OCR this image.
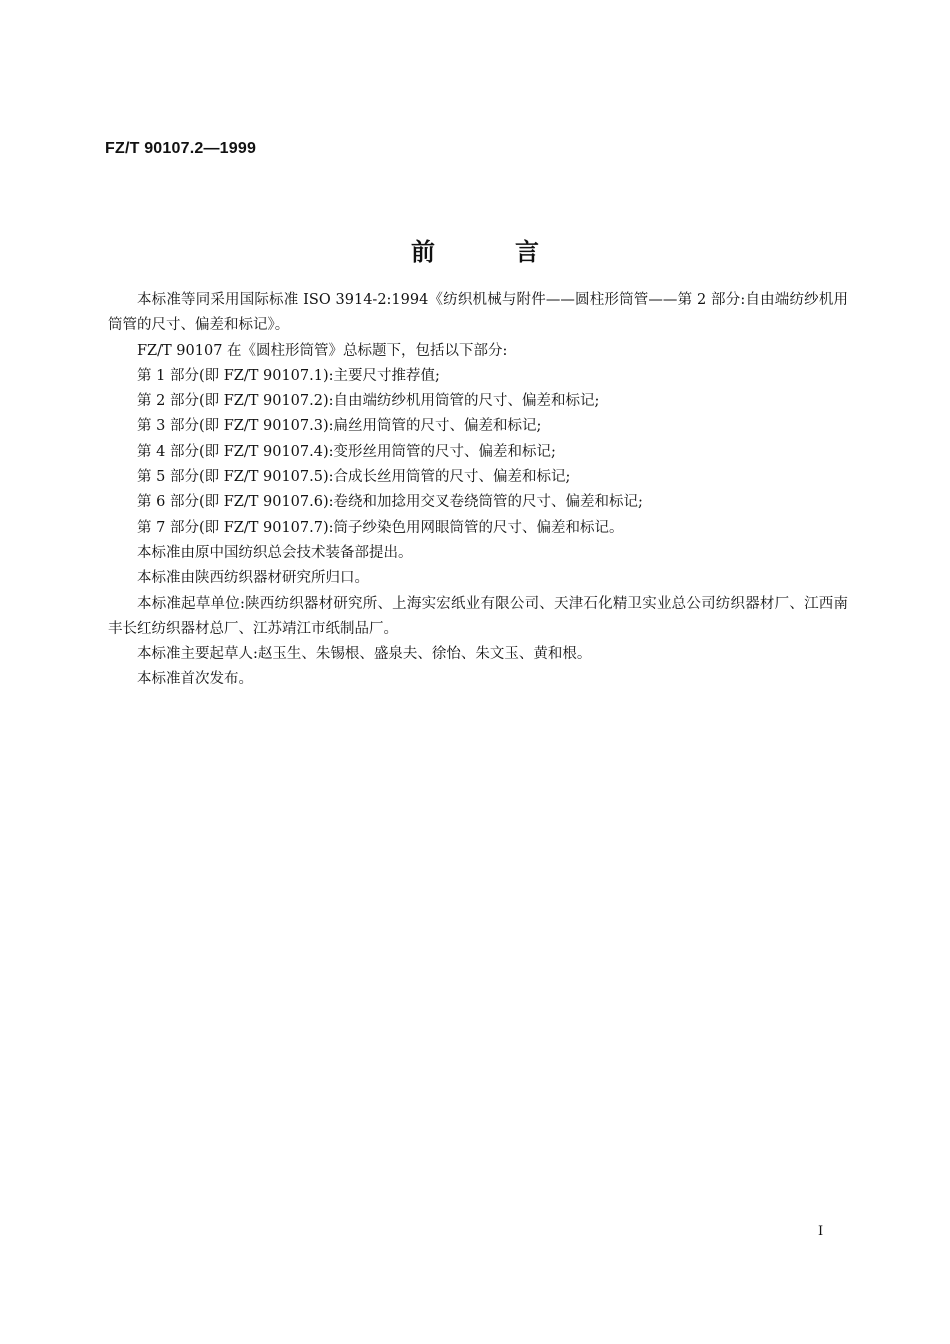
FZ/T 90107.2—1999
前	言

本标准等同采用国际标准 ISO 3914-2:1994《纺织机械与附件——圆柱形筒管——第 2 部分:自由端纺纱机用筒管的尺寸、偏差和标记》。

FZ/T 90107 在《圆柱形筒管》总标题下，包括以下部分:

第 1 部分(即 FZ/T 90107.1):主要尺寸推荐值;

第 2 部分(即 FZ/T 90107.2):自由端纺纱机用筒管的尺寸、偏差和标记;

第 3 部分(即 FZ/T 90107.3):扁丝用筒管的尺寸、偏差和标记;

第 4 部分(即 FZ/T 90107.4):变形丝用筒管的尺寸、偏差和标记;

第 5 部分(即 FZ/T 90107.5):合成长丝用筒管的尺寸、偏差和标记;

第 6 部分(即 FZ/T 90107.6):卷绕和加捻用交叉卷绕筒管的尺寸、偏差和标记;

第 7 部分(即 FZ/T 90107.7):筒子纱染色用网眼筒管的尺寸、偏差和标记。

本标准由原中国纺织总会技术装备部提出。

本标准由陕西纺织器材研究所归口。

本标准起草单位:陕西纺织器材研究所、上海实宏纸业有限公司、天津石化精卫实业总公司纺织器材厂、江西南丰长红纺织器材总厂、江苏靖江市纸制品厂。

本标准主要起草人:赵玉生、朱锡根、盛泉夫、徐怡、朱文玉、黄和根。

本标准首次发布。

I
